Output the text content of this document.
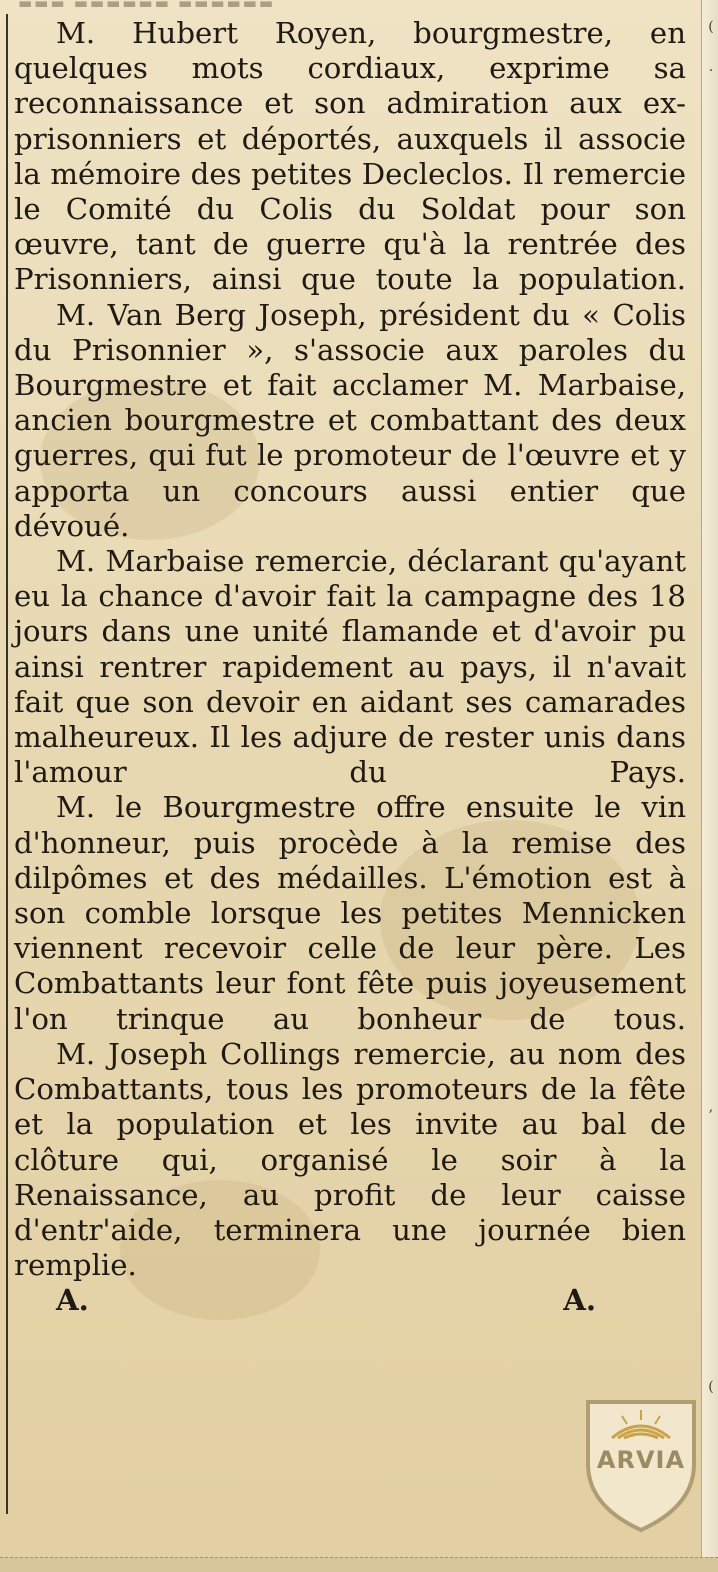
▬▬▬ ▬▬▬▬▬▬ ▬▬▬▬▬▬
(
.
,
(

M. Hubert Royen, bourgmestre, en quelques mots cordiaux, exprime sa reconnaissance et son admiration aux ex-prisonniers et déportés, auxquels il associe la mémoire des petites Decleclos. Il remercie le Comité du Colis du Soldat pour son œuvre, tant de guerre qu'à la rentrée des Prisonniers, ainsi que toute la population.

M. Van Berg Joseph, président du « Colis du Prisonnier », s'associe aux paroles du Bourgmestre et fait acclamer M. Marbaise, ancien bourgmestre et combattant des deux guerres, qui fut le promoteur de l'œuvre et y apporta un concours aussi entier que dévoué.

M. Marbaise remercie, déclarant qu'ayant eu la chance d'avoir fait la campagne des 18 jours dans une unité flamande et d'avoir pu ainsi rentrer rapidement au pays, il n'avait fait que son devoir en aidant ses camarades malheureux. Il les adjure de rester unis dans l'amour du Pays.

M. le Bourgmestre offre ensuite le vin d'honneur, puis procède à la remise des dilpômes et des médailles. L'émotion est à son comble lorsque les petites Mennicken viennent recevoir celle de leur père. Les Combattants leur font fête puis joyeusement l'on trinque au bonheur de tous.

M. Joseph Collings remercie, au nom des Combattants, tous les promoteurs de la fête et la population et les invite au bal de clôture qui, organisé le soir à la Renaissance, au profit de leur caisse d'entr'aide, terminera une journée bien remplie.

A. A.

ARVIA
